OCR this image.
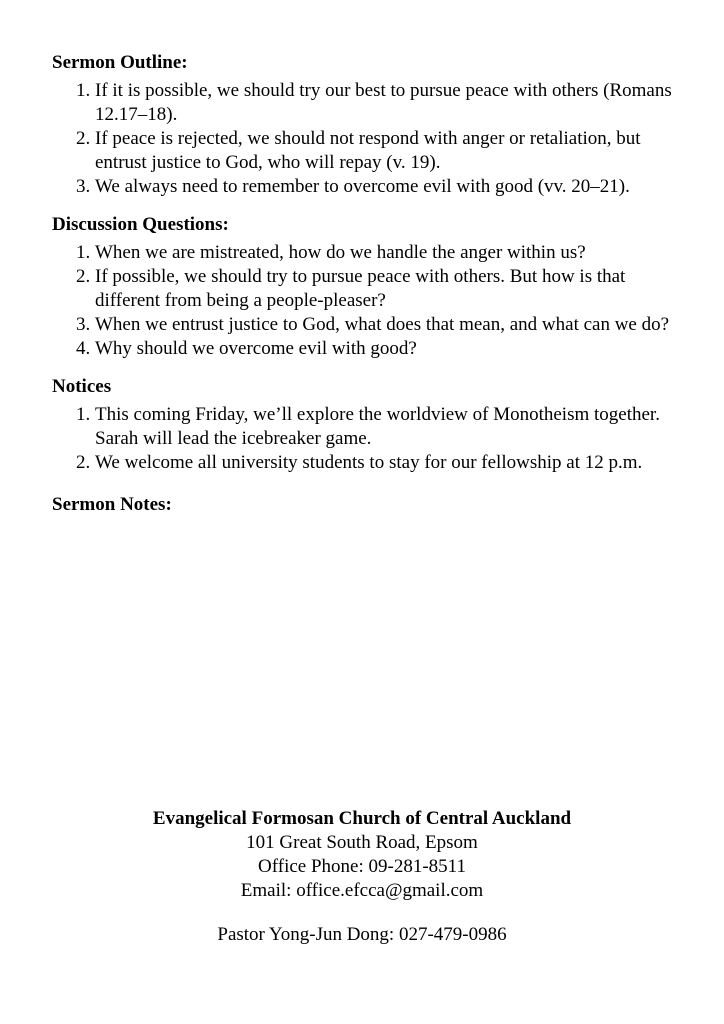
Sermon Outline:
1. If it is possible, we should try our best to pursue peace with others (Romans 12.17–18).
2. If peace is rejected, we should not respond with anger or retaliation, but entrust justice to God, who will repay (v. 19).
3. We always need to remember to overcome evil with good (vv. 20–21).
Discussion Questions:
1. When we are mistreated, how do we handle the anger within us?
2. If possible, we should try to pursue peace with others. But how is that different from being a people-pleaser?
3. When we entrust justice to God, what does that mean, and what can we do?
4. Why should we overcome evil with good?
Notices
1. This coming Friday, we’ll explore the worldview of Monotheism together. Sarah will lead the icebreaker game.
2. We welcome all university students to stay for our fellowship at 12 p.m.
Sermon Notes:
Evangelical Formosan Church of Central Auckland
101 Great South Road, Epsom
Office Phone: 09-281-8511
Email: office.efcca@gmail.com
Pastor Yong-Jun Dong: 027-479-0986
